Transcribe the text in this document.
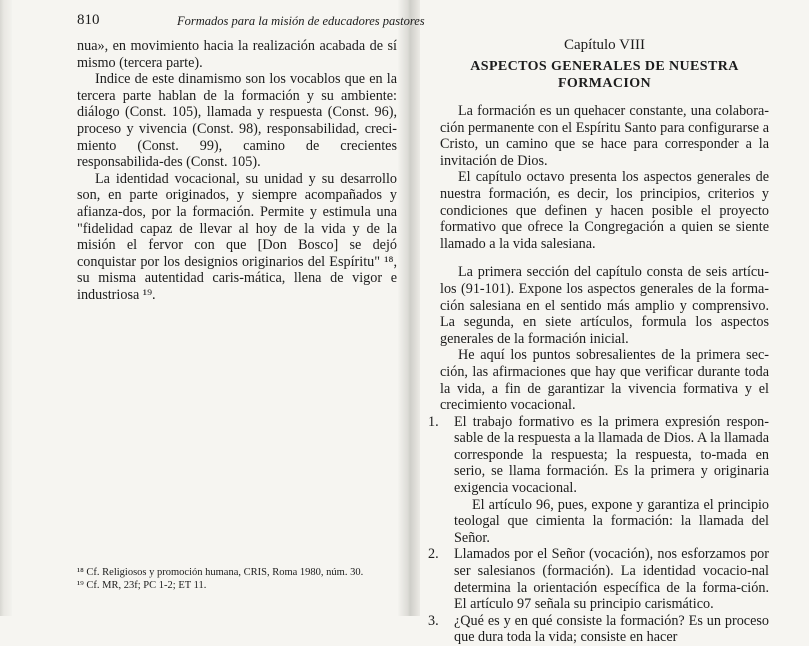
810	Formados para la misión de educadores pastores

nua», en movimiento hacia la realización acabada de sí mismo (tercera parte).

Indice de este dinamismo son los vocablos que en la tercera parte hablan de la formación y su ambiente: diálogo (Const. 105), llamada y respuesta (Const. 96), proceso y vivencia (Const. 98), responsabilidad, creci-miento (Const. 99), camino de crecientes responsabilida-des (Const. 105).

La identidad vocacional, su unidad y su desarrollo son, en parte originados, y siempre acompañados y afianza-dos, por la formación. Permite y estimula una "fidelidad capaz de llevar al hoy de la vida y de la misión el fervor con que [Don Bosco] se dejó conquistar por los designios originarios del Espíritu" ¹⁸, su misma autentidad caris-mática, llena de vigor e industriosa ¹⁹.

¹⁸ Cf. Religiosos y promoción humana, CRIS, Roma 1980, núm. 30.

¹⁹ Cf. MR, 23f; PC 1-2; ET 11.

Capítulo VIII
ASPECTOS GENERALES DE NUESTRA
FORMACION

La formación es un quehacer constante, una colabora-ción permanente con el Espíritu Santo para configurarse a Cristo, un camino que se hace para corresponder a la invitación de Dios.

El capítulo octavo presenta los aspectos generales de nuestra formación, es decir, los principios, criterios y condiciones que definen y hacen posible el proyecto formativo que ofrece la Congregación a quien se siente llamado a la vida salesiana.

La primera sección del capítulo consta de seis artícu-los (91-101). Expone los aspectos generales de la forma-ción salesiana en el sentido más amplio y comprensivo. La segunda, en siete artículos, formula los aspectos generales de la formación inicial.

He aquí los puntos sobresalientes de la primera sec-ción, las afirmaciones que hay que verificar durante toda la vida, a fin de garantizar la vivencia formativa y el crecimiento vocacional.

1. El trabajo formativo es la primera expresión respon-sable de la respuesta a la llamada de Dios. A la llamada corresponde la respuesta; la respuesta, to-mada en serio, se llama formación. Es la primera y originaria exigencia vocacional.

El artículo 96, pues, expone y garantiza el principio teologal que cimienta la formación: la llamada del Señor.

2. Llamados por el Señor (vocación), nos esforzamos por ser salesianos (formación). La identidad vocacio-nal determina la orientación específica de la forma-ción. El artículo 97 señala su principio carismático.

3. ¿Qué es y en qué consiste la formación? Es un proceso que dura toda la vida; consiste en hacer
